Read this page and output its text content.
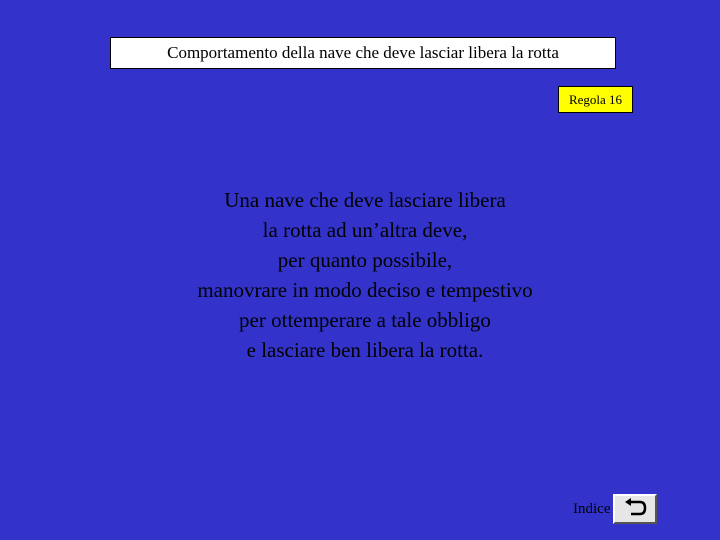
Comportamento della nave che deve lasciar libera la rotta
Regola 16
Una nave che deve lasciare libera
la rotta ad un’altra deve,
per quanto possibile,
manovrare in modo deciso e tempestivo
per ottemperare a tale obbligo
e lasciare ben libera la rotta.
Indice
